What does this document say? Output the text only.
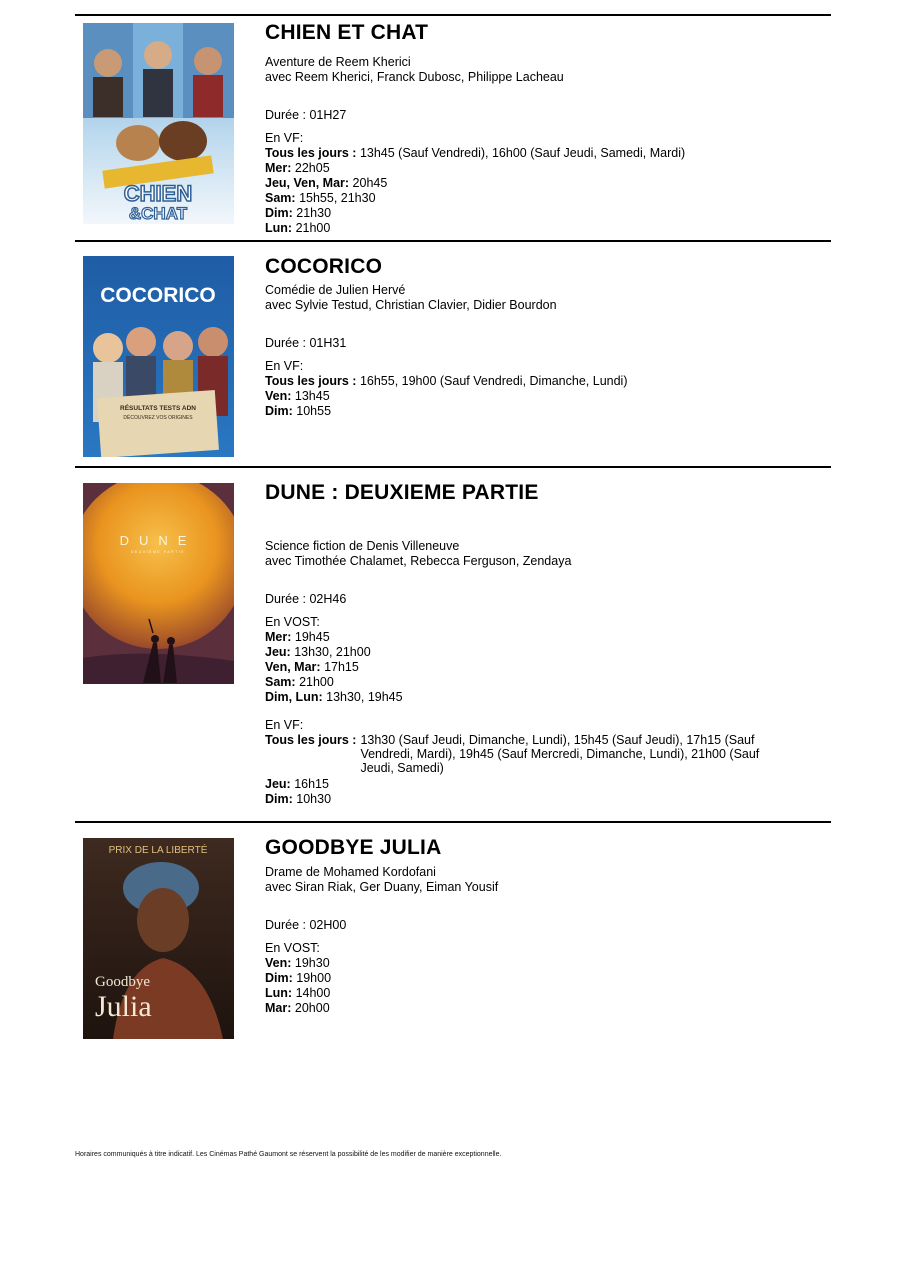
CHIEN
&CHAT
CHIEN ET CHAT
Aventure de Reem Kherici
avec Reem Kherici, Franck Dubosc, Philippe Lacheau
Durée : 01H27
En VF:
Tous les jours : 13h45 (Sauf Vendredi), 16h00 (Sauf Jeudi, Samedi, Mardi)
Mer: 22h05
Jeu, Ven, Mar: 20h45
Sam: 15h55, 21h30
Dim: 21h30
Lun: 21h00
COCORICO
RÉSULTATS TESTS ADN
DÉCOUVREZ VOS ORIGINES
COCORICO
Comédie de Julien Hervé
avec Sylvie Testud, Christian Clavier, Didier Bourdon
Durée : 01H31
En VF:
Tous les jours : 16h55, 19h00 (Sauf Vendredi, Dimanche, Lundi)
Ven: 13h45
Dim: 10h55
DUNE
DEUXIÈME PARTIE
DUNE : DEUXIEME PARTIE
Science fiction de Denis Villeneuve
avec Timothée Chalamet, Rebecca Ferguson, Zendaya
Durée : 02H46
En VOST:
Mer: 19h45
Jeu: 13h30, 21h00
Ven, Mar: 17h15
Sam: 21h00
Dim, Lun: 13h30, 19h45
En VF:
Tous les jours : 13h30 (Sauf Jeudi, Dimanche, Lundi), 15h45 (Sauf Jeudi), 17h15 (Sauf Vendredi, Mardi), 19h45 (Sauf Mercredi, Dimanche, Lundi), 21h00 (Sauf Jeudi, Samedi)
Jeu: 16h15
Dim: 10h30
PRIX DE LA LIBERTÉ
Goodbye
Julia
GOODBYE JULIA
Drame de Mohamed Kordofani
avec Siran Riak, Ger Duany, Eiman Yousif
Durée : 02H00
En VOST:
Ven: 19h30
Dim: 19h00
Lun: 14h00
Mar: 20h00
Horaires communiqués à titre indicatif. Les Cinémas Pathé Gaumont se réservent la possibilité de les modifier de manière exceptionnelle.
